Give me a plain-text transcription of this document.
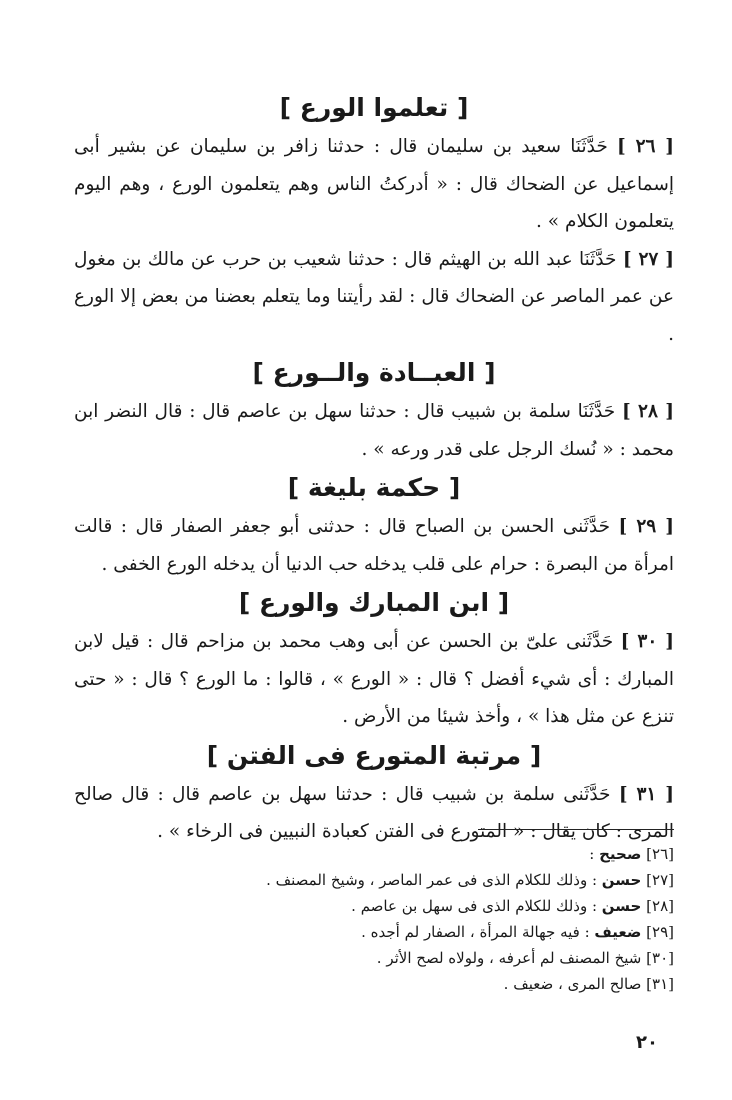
[ تعلموا الورع ]

[ ٢٦ ] حَدَّثَنَا سعيد بن سليمان قال : حدثنا زافر بن سليمان عن بشير أبى إسماعيل عن الضحاك قال : « أدركتُ الناس وهم يتعلمون الورع ، وهم اليوم يتعلمون الكلام » .

[ ٢٧ ] حَدَّثَنَا عبد الله بن الهيثم قال : حدثنا شعيب بن حرب عن مالك بن مغول عن عمر الماصر عن الضحاك قال : لقد رأيتنا وما يتعلم بعضنا من بعض إلا الورع .

[ العبــادة والــورع ]

[ ٢٨ ] حَدَّثَنَا سلمة بن شبيب قال : حدثنا سهل بن عاصم قال : قال النضر ابن محمد : « نُسك الرجل على قدر ورعه » .

[ حكمة بليغة ]

[ ٢٩ ] حَدَّثَنى الحسن بن الصباح قال : حدثنى أبو جعفر الصفار قال : قالت امرأة من البصرة : حرام على قلب يدخله حب الدنيا أن يدخله الورع الخفى .

[ ابن المبارك والورع ]

[ ٣٠ ] حَدَّثَنى علىّ بن الحسن عن أبى وهب محمد بن مزاحم قال : قيل لابن المبارك : أى شيء أفضل ؟ قال : « الورع » ، قالوا : ما الورع ؟ قال : « حتى تنزع عن مثل هذا » ، وأخذ شيئا من الأرض .

[ مرتبة المتورع فى الفتن ]

[ ٣١ ] حَدَّثَنى سلمة بن شبيب قال : حدثنا سهل بن عاصم قال : قال صالح المرى : كان يقال : « المتورع فى الفتن كعبادة النبيين فى الرخاء » .

[٢٦] صحيح :
[٢٧] حسن : وذلك للكلام الذى فى عمر الماصر ، وشيخ المصنف .
[٢٨] حسن : وذلك للكلام الذى فى سهل بن عاصم .
[٢٩] ضعيف : فيه جهالة المرأة ، الصفار لم أجده .
[٣٠] شيخ المصنف لم أعرفه ، ولولاه لصح الأثر .
[٣١] صالح المرى ، ضعيف .
٢٠
